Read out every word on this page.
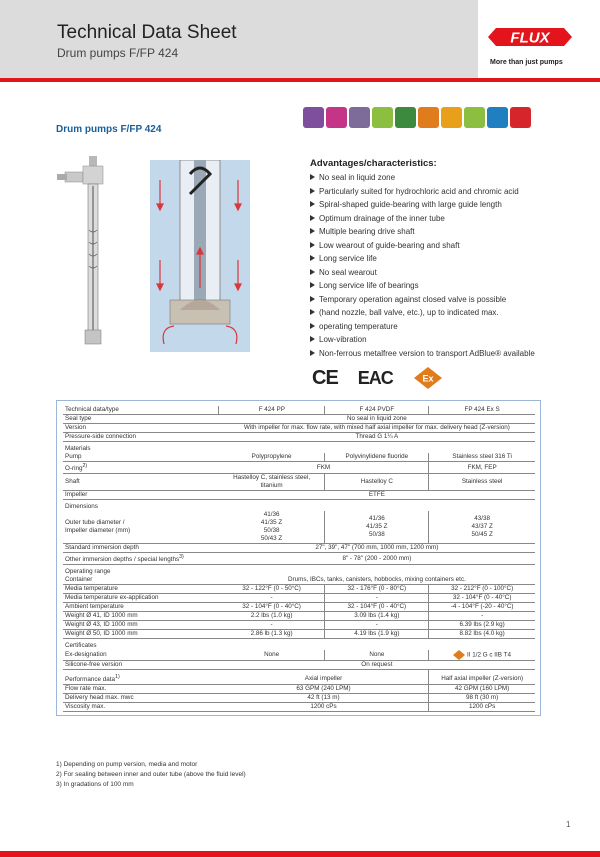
Technical Data Sheet
Drum pumps F/FP 424
FLUX
More than just pumps
Drum pumps F/FP 424
Advantages/characteristics:
No seal in liquid zone
Particularly suited for hydrochloric acid and chromic acid
Spiral-shaped guide-bearing with large guide length
Optimum drainage of the inner tube
Multiple bearing drive shaft
Low wearout of guide-bearing and shaft
Long service life
No seal wearout
Long service life of bearings
Temporary operation against closed valve is possible
(hand nozzle, ball valve, etc.), up to indicated max.
operating temperature
Low-vibration
Non-ferrous metalfree version to transport AdBlue® available
CE EAC	Ex
Technical data/type	F 424 PP	F 424 PVDF	FP 424 Ex S
Seal type	No seal in liquid zone		
Version	With impeller for max. flow rate, with mixed half axial impeller for max. delivery head (Z-version)		
Pressure-side connection	Thread G 1¼ A		
Materials			
Pump	Polypropylene	Polyvinylidene fluoride	Stainless steel 316 Ti
O-ring$^{2)}$	FKM		FKM, FEP
Shaft	Hastelloy C, stainless steel,
titanium	Hastelloy C	Stainless steel
Impeller	ETFE		
Dimensions			
Outer tube diameter /
Impeller diameter (mm)	41/36
41/35 Z
50/38
50/43 Z	41/36
41/35 Z
50/38	43/38
43/37 Z
50/45 Z
Standard immersion depth	27", 39", 47" (700 mm, 1000 mm, 1200 mm)		
Other immersion depths / special lengths$^{3)}$	8" - 78" (200 - 2000 mm)		
Operating range			
Container	Drums, IBCs, tanks, canisters, hobbocks, mixing containers etc.		
Media temperature	32 - 122°F (0 - 50°C)	32 - 176°F (0 - 80°C)	32 - 212°F (0 - 100°C)
Media temperature ex-application	-	-	32 - 104°F (0 - 40°C)
Ambient temperature	32 - 104°F (0 - 40°C)	32 - 104°F (0 - 40°C)	-4 - 104°F (-20 - 40°C)
Weight Ø 41, ID 1000 mm	2.2 lbs (1.0 kg)	3.09 lbs (1.4 kg)	-
Weight Ø 43, ID 1000 mm	-	-	6.39 lbs (2.9 kg)
Weight Ø 50, ID 1000 mm	2.86 lb (1.3 kg)	4.19 lbs (1.9 kg)	8.82 lbs (4.0 kg)
Certificates			
Ex-designation	None	None	II 1/2 G c IIB T4
Silicone-free version	On request		
Performance data$^{1)}$	Axial impeller		Half axial impeller (Z-version)
Flow rate max.	63 GPM (240 LPM)		42 GPM (160 LPM)
Delivery head max. mwc	42 ft (13 m)		98 ft (30 m)
Viscosity max.	1200 cPs		1200 cPs
1) Depending on pump version, media and motor
2) For sealing between inner and outer tube (above the fluid level)
3) In gradations of 100 mm
1
